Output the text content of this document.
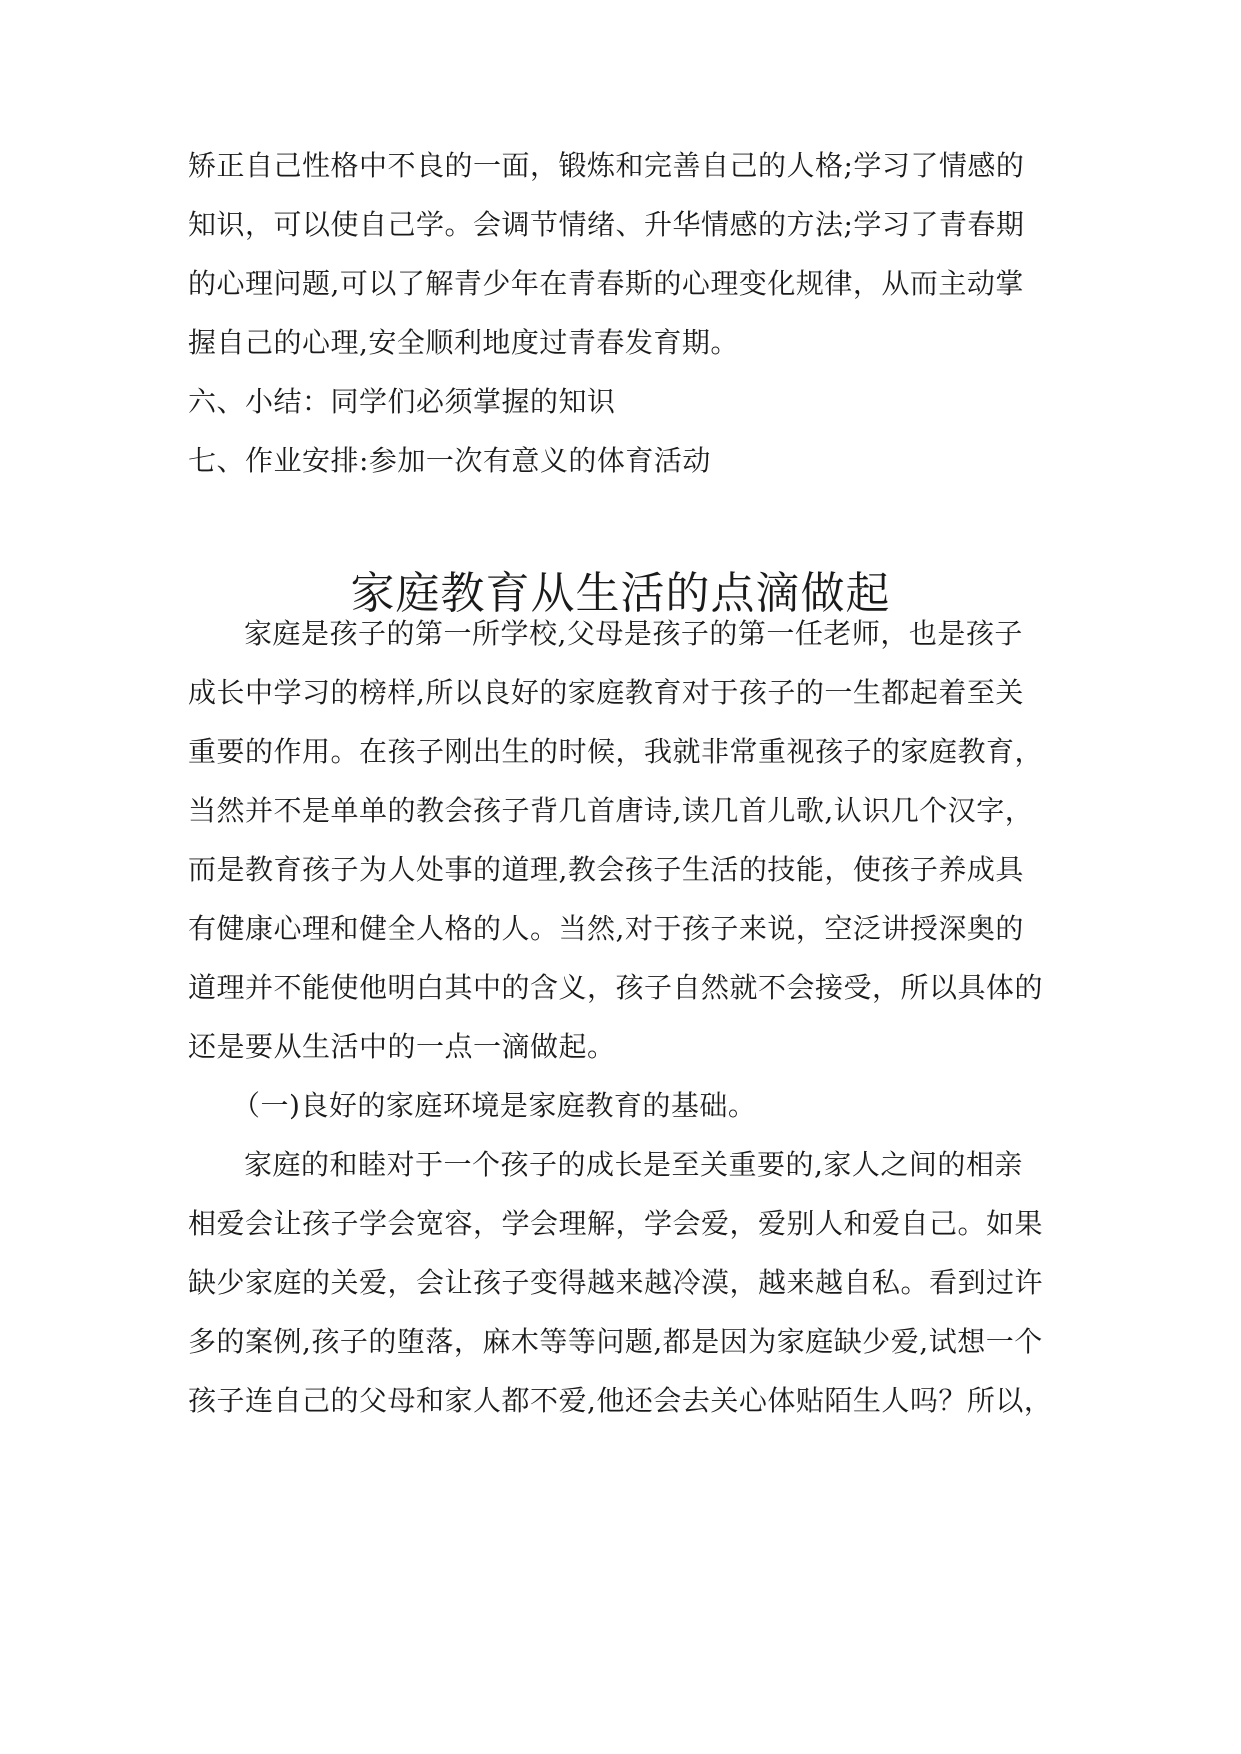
矫正自己性格中不良的一面，锻炼和完善自己的人格;学习了情感的
知识，可以使自己学。会调节情绪、升华情感的方法;学习了青春期
的心理问题,可以了解青少年在青春斯的心理变化规律，从而主动掌
握自己的心理,安全顺利地度过青春发育期。
六、小结：同学们必须掌握的知识
七、作业安排:参加一次有意义的体育活动
家庭教育从生活的点滴做起
家庭是孩子的第一所学校,父母是孩子的第一任老师，也是孩子
成长中学习的榜样,所以良好的家庭教育对于孩子的一生都起着至关
重要的作用。在孩子刚出生的时候，我就非常重视孩子的家庭教育，
当然并不是单单的教会孩子背几首唐诗,读几首儿歌,认识几个汉字，
而是教育孩子为人处事的道理,教会孩子生活的技能，使孩子养成具
有健康心理和健全人格的人。当然,对于孩子来说，空泛讲授深奥的
道理并不能使他明白其中的含义，孩子自然就不会接受，所以具体的
还是要从生活中的一点一滴做起。
（一)良好的家庭环境是家庭教育的基础。
家庭的和睦对于一个孩子的成长是至关重要的,家人之间的相亲
相爱会让孩子学会宽容，学会理解，学会爱，爱别人和爱自己。如果
缺少家庭的关爱，会让孩子变得越来越冷漠，越来越自私。看到过许
多的案例,孩子的堕落，麻木等等问题,都是因为家庭缺少爱,试想一个
孩子连自己的父母和家人都不爱,他还会去关心体贴陌生人吗？所以，
